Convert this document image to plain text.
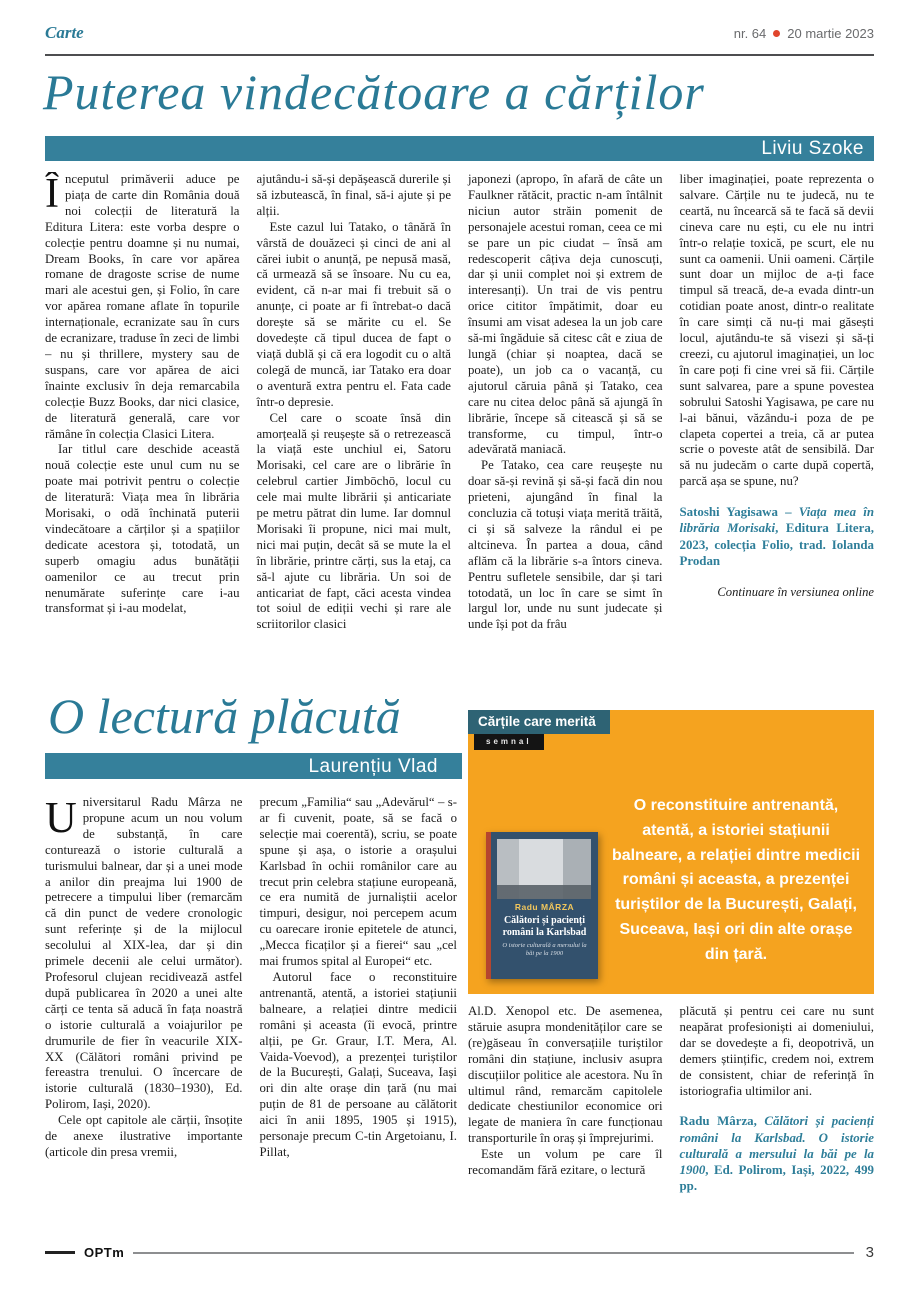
Carte	nr. 64 20 martie 2023
Puterea vindecătoare a cărților
Liviu Szoke

Începutul primăverii aduce pe piața de carte din România două noi colecții de literatură la Editura Litera: este vorba despre o colecție pentru doamne și nu numai, Dream Books, în care vor apărea romane de dragoste scrise de nume mari ale acestui gen, și Folio, în care vor apărea romane aflate în topurile internaționale, ecranizate sau în curs de ecranizare, traduse în zeci de limbi – nu și thrillere, mystery sau de suspans, care vor apărea de aici înainte exclusiv în deja remarcabila colecție Buzz Books, dar nici clasice, de literatură generală, care vor rămâne în colecția Clasici Litera.

Iar titlul care deschide această nouă colecție este unul cum nu se poate mai potrivit pentru o colecție de literatură: Viața mea în librăria Morisaki, o odă închinată puterii vindecătoare a cărților și a spațiilor dedicate acestora și, totodată, un superb omagiu adus bunătății oamenilor ce au trecut prin nenumărate suferințe care i-au transformat și i-au modelat,

ajutându-i să-și depășească durerile și să izbutească, în final, să-i ajute și pe alții.

Este cazul lui Tatako, o tânără în vârstă de douăzeci și cinci de ani al cărei iubit o anunță, pe nepusă masă, că urmează să se însoare. Nu cu ea, evident, că n-ar mai fi trebuit să o anunțe, ci poate ar fi întrebat-o dacă dorește să se mărite cu el. Se dovedește că tipul ducea de fapt o viață dublă și că era logodit cu o altă colegă de muncă, iar Tatako era doar o aventură extra pentru el. Fata cade într-o depresie.

Cel care o scoate însă din amorțeală și reușește să o retrezească la viață este unchiul ei, Satoru Morisaki, cel care are o librărie în celebrul cartier Jimbōchō, locul cu cele mai multe librării și anticariate pe metru pătrat din lume. Iar domnul Morisaki îi propune, nici mai mult, nici mai puțin, decât să se mute la el în librărie, printre cărți, sus la etaj, ca să-l ajute cu librăria. Un soi de anticariat de fapt, căci acesta vindea tot soiul de ediții vechi și rare ale scriitorilor clasici

japonezi (apropo, în afară de câte un Faulkner rătăcit, practic n-am întâlnit niciun autor străin pomenit de personajele acestui roman, ceea ce mi se pare un pic ciudat – însă am redescoperit câțiva deja cunoscuți, dar și unii complet noi și extrem de interesanți). Un trai de vis pentru orice cititor împătimit, doar eu însumi am visat adesea la un job care să-mi îngăduie să citesc cât e ziua de lungă (chiar și noaptea, dacă se poate), un job ca o vacanță, cu ajutorul căruia până și Tatako, cea care nu citea deloc până să ajungă în librărie, începe să citească și să se transforme, cu timpul, într-o adevărată maniacă.

Pe Tatako, cea care reușește nu doar să-și revină și să-și facă din nou prieteni, ajungând în final la concluzia că totuși viața merită trăită, ci și să salveze la rândul ei pe altcineva. În partea a doua, când aflăm că la librărie s-a întors cineva. Pentru sufletele sensibile, dar și tari totodată, un loc în care se simt în largul lor, unde nu sunt judecate și unde își pot da frâu

liber imaginației, poate reprezenta o salvare. Cărțile nu te judecă, nu te ceartă, nu încearcă să te facă să devii cineva care nu ești, cu ele nu intri într-o relație toxică, pe scurt, ele nu sunt ca oamenii. Unii oameni. Cărțile sunt doar un mijloc de a-ți face timpul să treacă, de-a evada dintr-un cotidian poate anost, dintr-o realitate în care simți că nu-ți mai găsești locul, ajutându-te să visezi și să-ți creezi, cu ajutorul imaginației, un loc în care poți fi cine vrei să fii. Cărțile sunt salvarea, pare a spune povestea sobrului Satoshi Yagisawa, pe care nu l-ai bănui, văzându-i poza de pe clapeta copertei a treia, că ar putea scrie o poveste atât de sensibilă. Dar să nu judecăm o carte după copertă, parcă așa se spune, nu?

Satoshi Yagisawa – Viața mea în librăria Morisaki, Editura Litera, 2023, colecția Folio, trad. Iolanda Prodan

Continuare în versiunea online

O lectură plăcută
Laurențiu Vlad

Universitarul Radu Mârza ne propune acum un nou volum de substanță, în care conturează o istorie culturală a turismului balnear, dar și a unei mode a anilor din preajma lui 1900 de petrecere a timpului liber (remarcăm că din punct de vedere cronologic sunt referințe și de la mijlocul secolului al XIX-lea, dar și din primele decenii ale celui următor). Profesorul clujean recidivează astfel după publicarea în 2020 a unei alte cărți ce tenta să aducă în fața noastră o istorie culturală a voiajurilor pe drumurile de fier în veacurile XIX-XX (Călători români privind pe fereastra trenului. O încercare de istorie culturală (1830–1930), Ed. Polirom, Iași, 2020).

Cele opt capitole ale cărții, însoțite de anexe ilustrative importante (articole din presa vremii,

precum „Familia“ sau „Adevărul“ – s-ar fi cuvenit, poate, să se facă o selecție mai coerentă), scriu, se poate spune și așa, o istorie a orașului Karlsbad în ochii românilor care au trecut prin celebra stațiune europeană, ce era numită de jurnaliștii acelor timpuri, desigur, noi percepem acum cu oarecare ironie epitetele de atunci, „Mecca ficaților și a fierei“ sau „cel mai frumos spital al Europei“ etc.

Autorul face o reconstituire antrenantă, atentă, a istoriei stațiunii balneare, a relației dintre medicii români și aceasta (îi evocă, printre alții, pe Gr. Graur, I.T. Mera, Al. Vaida-Voevod), a prezenței turiștilor de la București, Galați, Suceava, Iași ori din alte orașe din țară (nu mai puțin de 81 de persoane au călătorit aici în anii 1895, 1905 și 1915), personaje precum C-tin Argetoianu, I. Pillat,

Cărțile care merită
semnal
Radu MÂRZA
Călători și pacienți români la Karlsbad
O istorie culturală a mersului la băi pe la 1900

O reconstituire antrenantă, atentă, a istoriei stațiunii balneare, a relației dintre medicii români și aceasta, a prezenței turiștilor de la București, Galați, Suceava, Iași ori din alte orașe din țară.

Al.D. Xenopol etc. De asemenea, stăruie asupra mondenităților care se (re)găseau în conversațiile turiștilor români din stațiune, inclusiv asupra discuțiilor politice ale acestora. Nu în ultimul rând, remarcăm capitolele dedicate chestiunilor economice ori legate de maniera în care funcționau transporturile în oraș și împrejurimi.

Este un volum pe care îl recomandăm fără ezitare, o lectură

plăcută și pentru cei care nu sunt neapărat profesioniști ai domeniului, dar se dovedește a fi, deopotrivă, un demers științific, credem noi, extrem de consistent, chiar de referință în istoriografia ultimilor ani.

Radu Mârza, Călători și pacienți români la Karlsbad. O istorie culturală a mersului la băi pe la 1900, Ed. Polirom, Iași, 2022, 499 pp.

OPTm	3
